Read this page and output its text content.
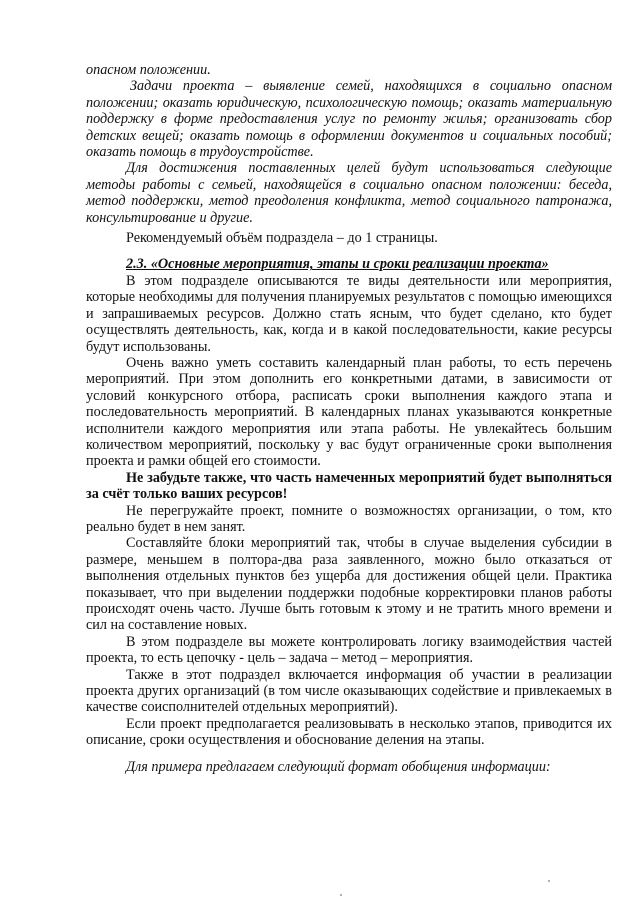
опасном положении.

Задачи проекта – выявление семей, находящихся в социально опасном положении; оказать юридическую, психологическую помощь; оказать материальную поддержку в форме предоставления услуг по ремонту жилья; организовать сбор детских вещей; оказать помощь в оформлении документов и социальных пособий; оказать помощь в трудоустройстве.

Для достижения поставленных целей будут использоваться следующие методы работы с семьей, находящейся в социально опасном положении: беседа, метод поддержки, метод преодоления конфликта, метод социального патронажа, консультирование и другие.

Рекомендуемый объём подраздела – до 1 страницы.

2.3. «Основные мероприятия, этапы и сроки реализации проекта»

В этом подразделе описываются те виды деятельности или мероприятия, которые необходимы для получения планируемых результатов с помощью имеющихся и запрашиваемых ресурсов. Должно стать ясным, что будет сделано, кто будет осуществлять деятельность, как, когда и в какой последовательности, какие ресурсы будут использованы.

Очень важно уметь составить календарный план работы, то есть перечень мероприятий. При этом дополнить его конкретными датами, в зависимости от условий конкурсного отбора, расписать сроки выполнения каждого этапа и последовательность мероприятий. В календарных планах указываются конкретные исполнители каждого мероприятия или этапа работы. Не увлекайтесь большим количеством мероприятий, поскольку у вас будут ограниченные сроки выполнения проекта и рамки общей его стоимости.

Не забудьте также, что часть намеченных мероприятий будет выполняться за счёт только ваших ресурсов!

Не перегружайте проект, помните о возможностях организации, о том, кто реально будет в нем занят.

Составляйте блоки мероприятий так, чтобы в случае выделения субсидии в размере, меньшем в полтора-два раза заявленного, можно было отказаться от выполнения отдельных пунктов без ущерба для достижения общей цели. Практика показывает, что при выделении поддержки подобные корректировки планов работы происходят очень часто. Лучше быть готовым к этому и не тратить много времени и сил на составление новых.

В этом подразделе вы можете контролировать логику взаимодействия частей проекта, то есть цепочку - цель – задача – метод – мероприятия.

Также в этот подраздел включается информация об участии в реализации проекта других организаций (в том числе оказывающих содействие и привлекаемых в качестве соисполнителей отдельных мероприятий).

Если проект предполагается реализовывать в несколько этапов, приводится их описание, сроки осуществления и обоснование деления на этапы.

Для примера предлагаем следующий формат обобщения информации:
